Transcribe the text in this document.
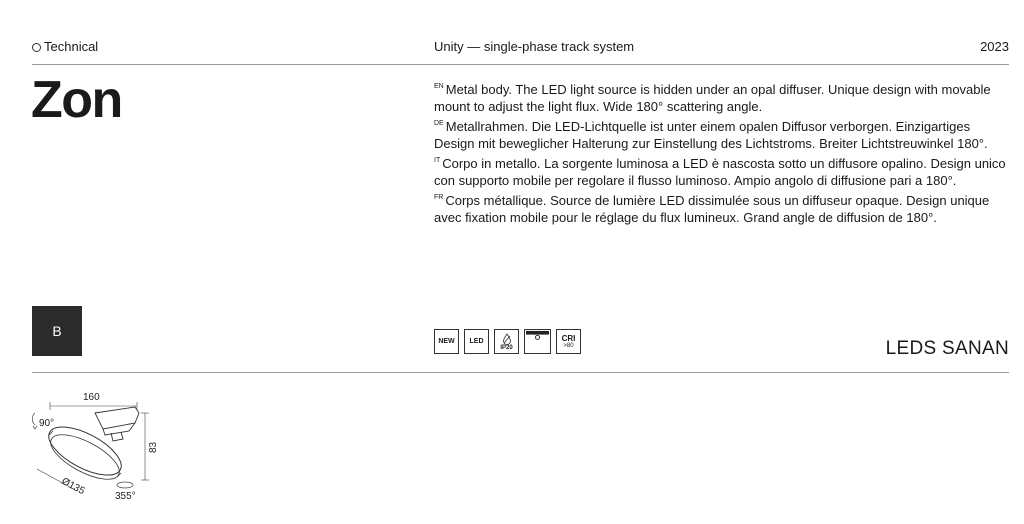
Technical	Unity — single-phase track system	2023
Zon	$^{EN}$ Metal body. The LED light source is hidden under an opal diffuser. Unique design with movable mount to adjust the light flux. Wide 180° scattering angle.

$^{DE}$ Metallrahmen. Die LED-Lichtquelle ist unter einem opalen Diffusor verborgen. Einzigartiges Design mit beweglicher Halterung zur Einstellung des Lichtstroms. Breiter Lichtstreuwinkel 180°.

$^{IT}$ Corpo in metallo. La sorgente luminosa a LED è nascosta sotto un diffusore opalino. Design unico con supporto mobile per regolare il flusso luminoso. Ampio angolo di diffusione pari a 180°.

$^{FR}$ Corps métallique. Source de lumière LED dissimulée sous un diffuseur opaque. Design unique avec fixation mobile pour le réglage du flux lumineux. Grand angle de diffusion de 180°.

B
NEW LED
IP20
CRI
>80	LEDS SANAN
160
83
Ø135
90°
355°
